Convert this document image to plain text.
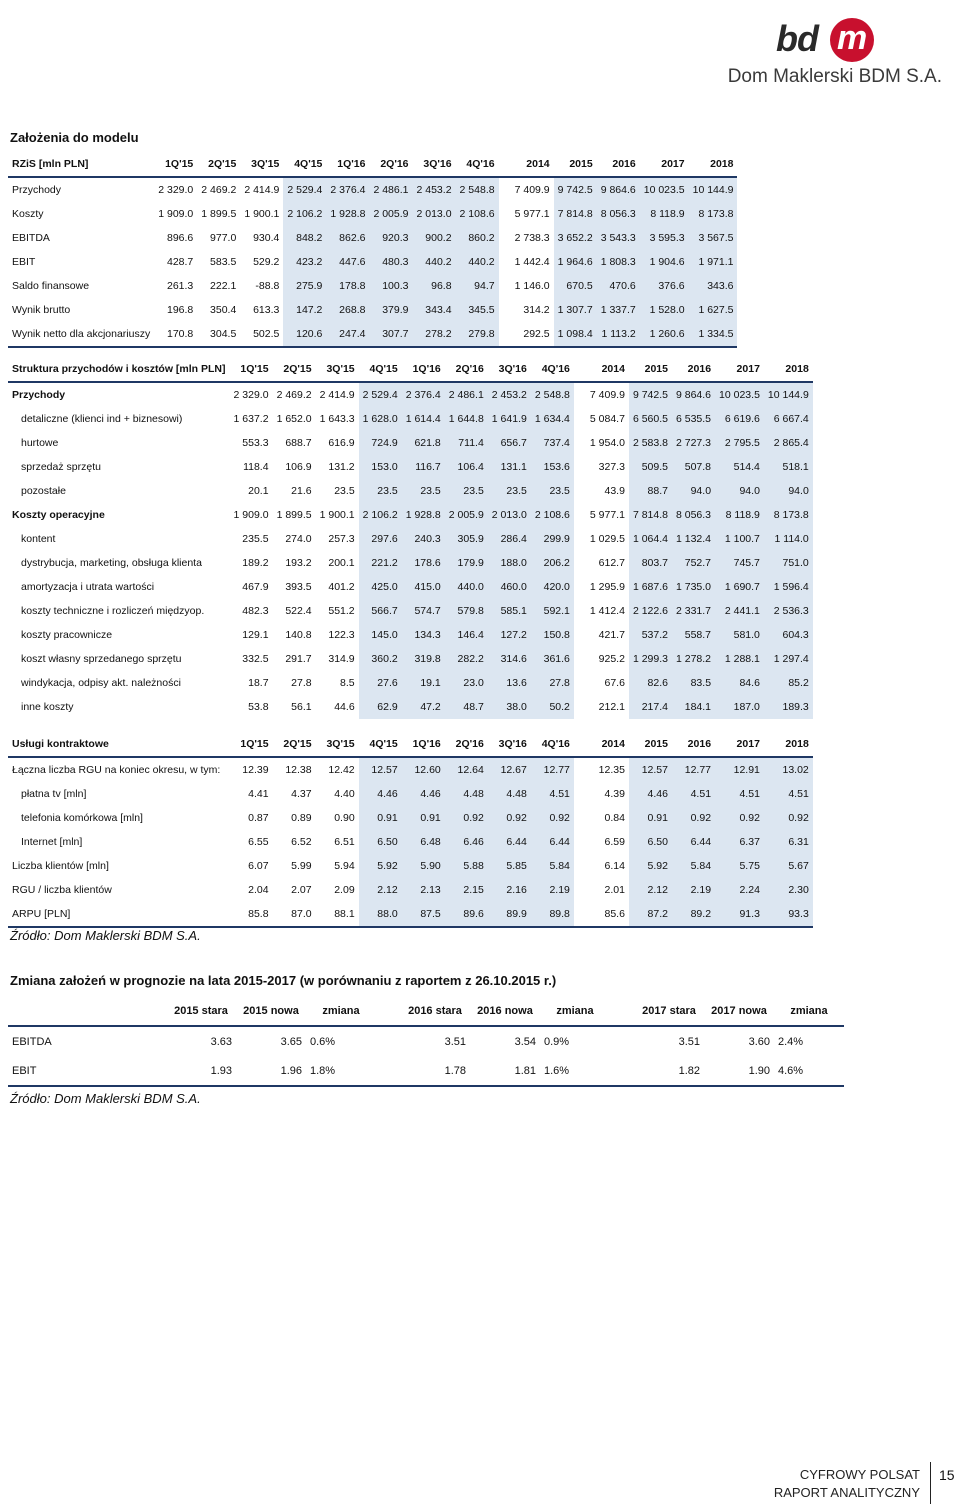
bd m
Dom Maklerski BDM S.A.
Założenia do modelu
RZiS [mln PLN]	1Q'15	2Q'15	3Q'15	4Q'15	1Q'16	2Q'16	3Q'16	4Q'16		2014	2015	2016	2017	2018
Przychody	2 329.0	2 469.2	2 414.9	2 529.4	2 376.4	2 486.1	2 453.2	2 548.8		7 409.9	9 742.5	9 864.6	10 023.5	10 144.9
Koszty	1 909.0	1 899.5	1 900.1	2 106.2	1 928.8	2 005.9	2 013.0	2 108.6		5 977.1	7 814.8	8 056.3	8 118.9	8 173.8
EBITDA	896.6	977.0	930.4	848.2	862.6	920.3	900.2	860.2		2 738.3	3 652.2	3 543.3	3 595.3	3 567.5
EBIT	428.7	583.5	529.2	423.2	447.6	480.3	440.2	440.2		1 442.4	1 964.6	1 808.3	1 904.6	1 971.1
Saldo finansowe	261.3	222.1	-88.8	275.9	178.8	100.3	96.8	94.7		1 146.0	670.5	470.6	376.6	343.6
Wynik brutto	196.8	350.4	613.3	147.2	268.8	379.9	343.4	345.5		314.2	1 307.7	1 337.7	1 528.0	1 627.5
Wynik netto dla akcjonariuszy	170.8	304.5	502.5	120.6	247.4	307.7	278.2	279.8		292.5	1 098.4	1 113.2	1 260.6	1 334.5
Struktura przychodów i kosztów [mln PLN]	1Q'15	2Q'15	3Q'15	4Q'15	1Q'16	2Q'16	3Q'16	4Q'16		2014	2015	2016	2017	2018
Przychody	2 329.0	2 469.2	2 414.9	2 529.4	2 376.4	2 486.1	2 453.2	2 548.8		7 409.9	9 742.5	9 864.6	10 023.5	10 144.9
detaliczne (klienci ind + biznesowi)	1 637.2	1 652.0	1 643.3	1 628.0	1 614.4	1 644.8	1 641.9	1 634.4		5 084.7	6 560.5	6 535.5	6 619.6	6 667.4
hurtowe	553.3	688.7	616.9	724.9	621.8	711.4	656.7	737.4		1 954.0	2 583.8	2 727.3	2 795.5	2 865.4
sprzedaż sprzętu	118.4	106.9	131.2	153.0	116.7	106.4	131.1	153.6		327.3	509.5	507.8	514.4	518.1
pozostałe	20.1	21.6	23.5	23.5	23.5	23.5	23.5	23.5		43.9	88.7	94.0	94.0	94.0
Koszty operacyjne	1 909.0	1 899.5	1 900.1	2 106.2	1 928.8	2 005.9	2 013.0	2 108.6		5 977.1	7 814.8	8 056.3	8 118.9	8 173.8
kontent	235.5	274.0	257.3	297.6	240.3	305.9	286.4	299.9		1 029.5	1 064.4	1 132.4	1 100.7	1 114.0
dystrybucja, marketing, obsługa klienta	189.2	193.2	200.1	221.2	178.6	179.9	188.0	206.2		612.7	803.7	752.7	745.7	751.0
amortyzacja i utrata wartości	467.9	393.5	401.2	425.0	415.0	440.0	460.0	420.0		1 295.9	1 687.6	1 735.0	1 690.7	1 596.4
koszty techniczne i rozliczeń międzyop.	482.3	522.4	551.2	566.7	574.7	579.8	585.1	592.1		1 412.4	2 122.6	2 331.7	2 441.1	2 536.3
koszty pracownicze	129.1	140.8	122.3	145.0	134.3	146.4	127.2	150.8		421.7	537.2	558.7	581.0	604.3
koszt własny sprzedanego sprzętu	332.5	291.7	314.9	360.2	319.8	282.2	314.6	361.6		925.2	1 299.3	1 278.2	1 288.1	1 297.4
windykacja, odpisy akt. należności	18.7	27.8	8.5	27.6	19.1	23.0	13.6	27.8		67.6	82.6	83.5	84.6	85.2
inne koszty	53.8	56.1	44.6	62.9	47.2	48.7	38.0	50.2		212.1	217.4	184.1	187.0	189.3

Usługi kontraktowe	1Q'15	2Q'15	3Q'15	4Q'15	1Q'16	2Q'16	3Q'16	4Q'16		2014	2015	2016	2017	2018
Łączna liczba RGU na koniec okresu, w tym:	12.39	12.38	12.42	12.57	12.60	12.64	12.67	12.77		12.35	12.57	12.77	12.91	13.02
płatna tv [mln]	4.41	4.37	4.40	4.46	4.46	4.48	4.48	4.51		4.39	4.46	4.51	4.51	4.51
telefonia komórkowa [mln]	0.87	0.89	0.90	0.91	0.91	0.92	0.92	0.92		0.84	0.91	0.92	0.92	0.92
Internet [mln]	6.55	6.52	6.51	6.50	6.48	6.46	6.44	6.44		6.59	6.50	6.44	6.37	6.31
Liczba klientów [mln]	6.07	5.99	5.94	5.92	5.90	5.88	5.85	5.84		6.14	5.92	5.84	5.75	5.67
RGU / liczba klientów	2.04	2.07	2.09	2.12	2.13	2.15	2.16	2.19		2.01	2.12	2.19	2.24	2.30
ARPU [PLN]	85.8	87.0	88.1	88.0	87.5	89.6	89.9	89.8		85.6	87.2	89.2	91.3	93.3
Źródło: Dom Maklerski BDM S.A.
Zmiana założeń w prognozie na lata 2015-2017 (w porównaniu z raportem z 26.10.2015 r.)
	2015 stara	2015 nowa	zmiana	2016 stara	2016 nowa	zmiana	2017 stara	2017 nowa	zmiana
EBITDA	3.63	3.65	0.6%	3.51	3.54	0.9%	3.51	3.60	2.4%
EBIT	1.93	1.96	1.8%	1.78	1.81	1.6%	1.82	1.90	4.6%
Źródło: Dom Maklerski BDM S.A.
CYFROWY POLSAT
RAPORT ANALITYCZNY
15
